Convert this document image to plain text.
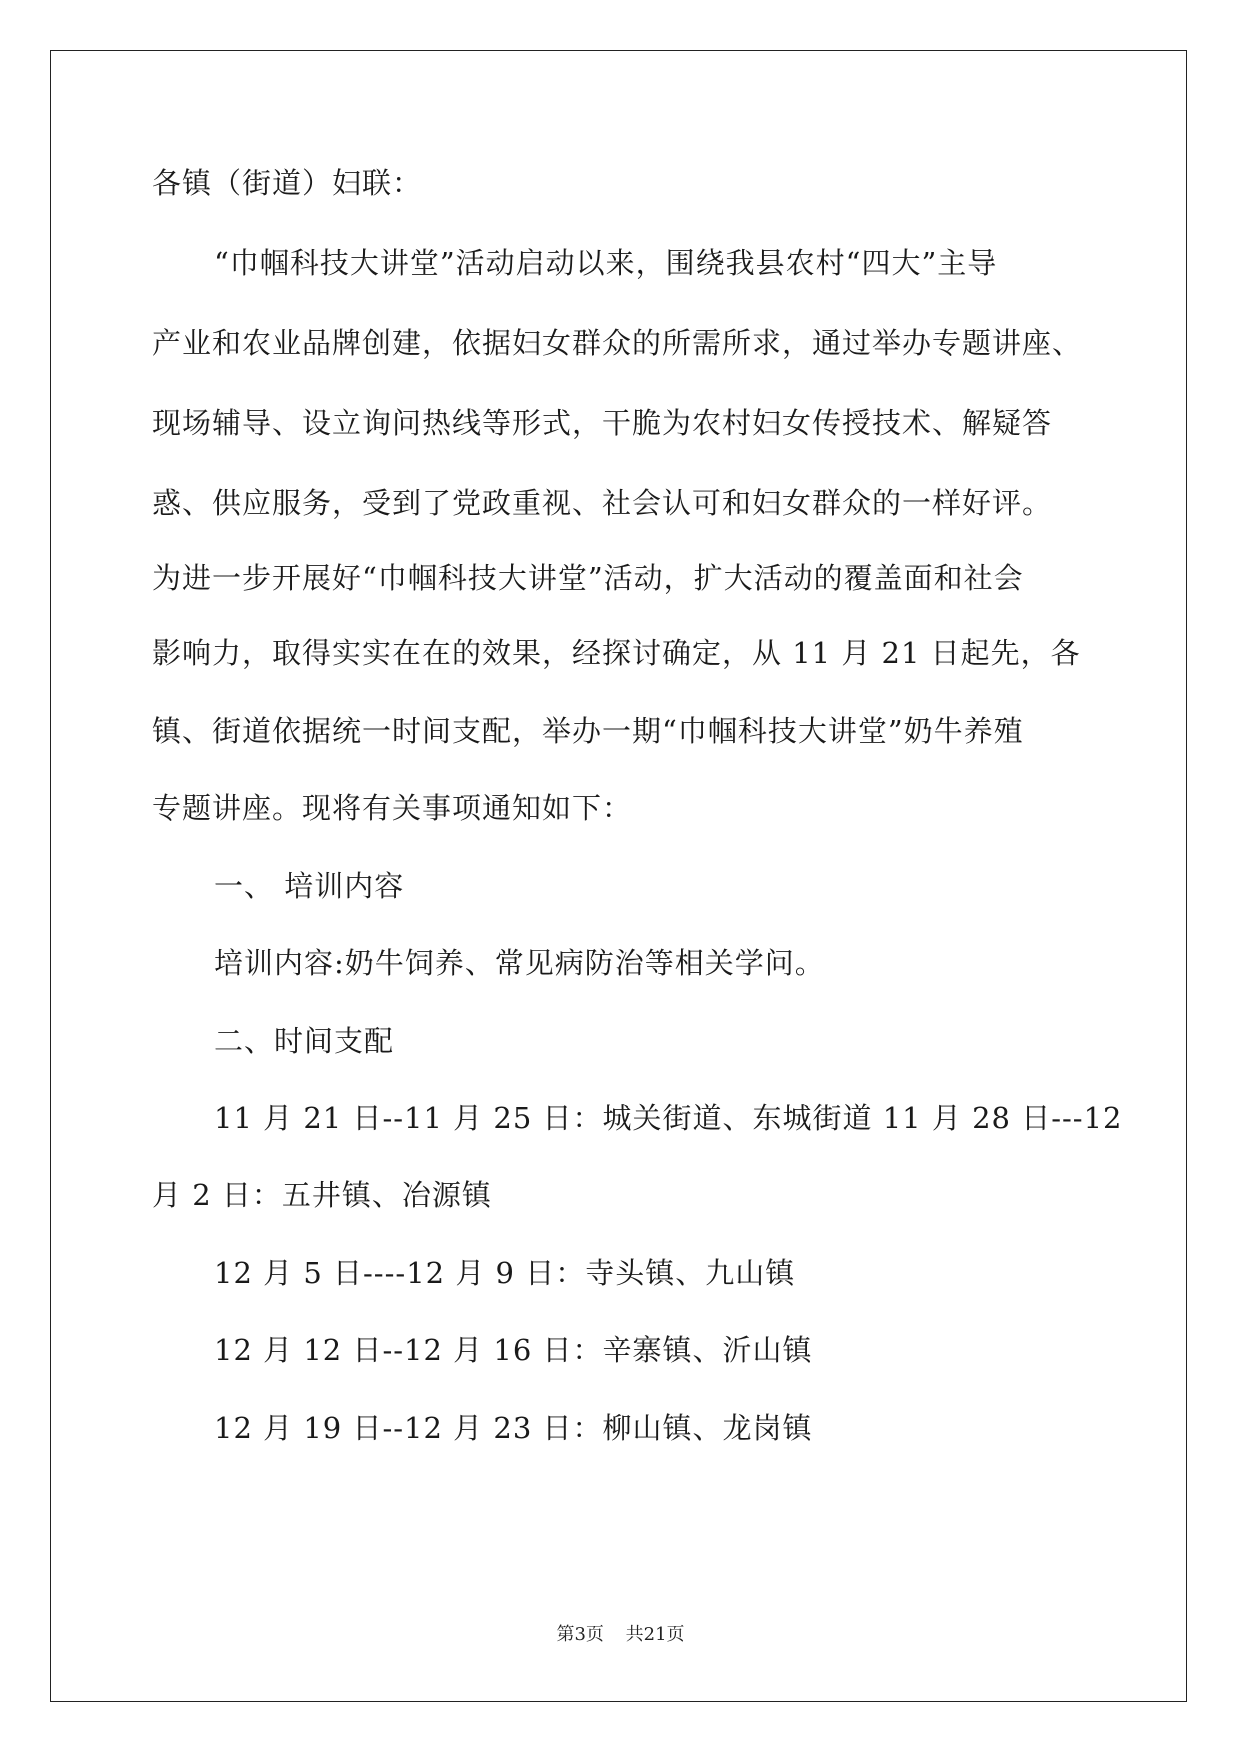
各镇（街道）妇联：
“巾帼科技大讲堂”活动启动以来，围绕我县农村“四大”主导
产业和农业品牌创建，依据妇女群众的所需所求，通过举办专题讲座、
现场辅导、设立询问热线等形式，干脆为农村妇女传授技术、解疑答
惑、供应服务，受到了党政重视、社会认可和妇女群众的一样好评。
为进一步开展好“巾帼科技大讲堂”活动，扩大活动的覆盖面和社会
影响力，取得实实在在的效果，经探讨确定，从 11 月 21 日起先，各
镇、街道依据统一时间支配，举办一期“巾帼科技大讲堂”奶牛养殖
专题讲座。现将有关事项通知如下：
一、 培训内容
培训内容:奶牛饲养、常见病防治等相关学问。
二、时间支配
11 月 21 日--11 月 25 日：城关街道、东城街道 11 月 28 日---12
月 2 日：五井镇、冶源镇
12 月 5 日----12 月 9 日：寺头镇、九山镇
12 月 12 日--12 月 16 日：辛寨镇、沂山镇
12 月 19 日--12 月 23 日：柳山镇、龙岗镇
第3页 共21页
